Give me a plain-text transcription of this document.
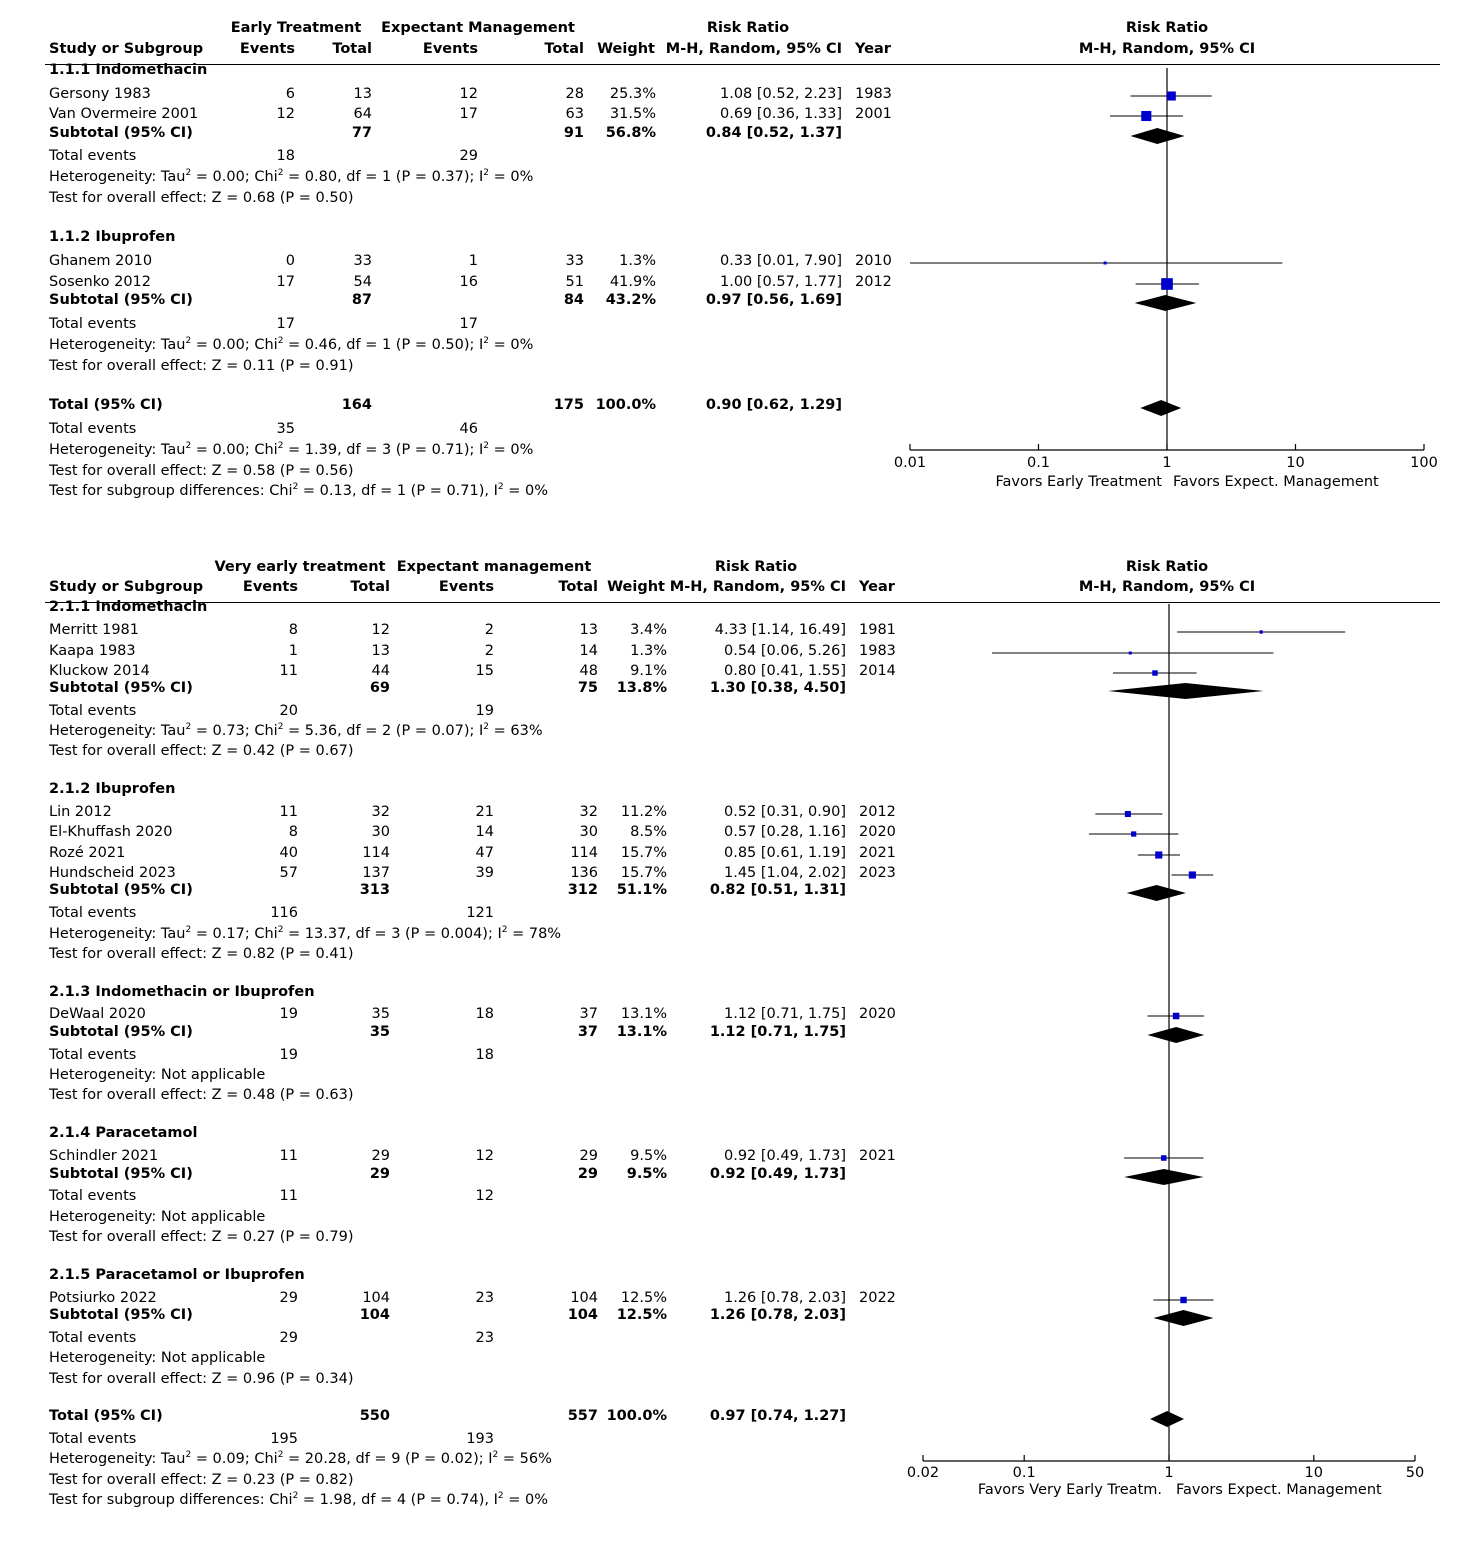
Early Treatment Expectant Management	Risk Ratio
Study or Subgroup	Events	Total	Events	Total Weight M-H, Random, 95% CI Year
Risk Ratio
M-H, Random, 95% CI
1.1.1 Indomethacin
Gersony 1983	6	13	12	28 25.3%	1.08 [0.52, 2.23] 1983
Van Overmeire 2001	12	64	17	63 31.5%	0.69 [0.36, 1.33] 2001
Subtotal (95% CI)	77	91 56.8%	0.84 [0.52, 1.37]
Total events	18	29
Heterogeneity: Tau$^2$ = 0.00; Chi$^2$ = 0.80, df = 1 (P = 0.37); $I^2 = 0\%$
Test for overall effect: Z = 0.68 (P = 0.50)
1.1.2 Ibuprofen
Ghanem 2010	0	33	1	33 1.3%	0.33 [0.01, 7.90] 2010
Sosenko 2012	17	54	16	51 41.9%	1.00 [0.57, 1.77] 2012
Subtotal (95% CI)	87	84 43.2%	0.97 [0.56, 1.69]
Total events	17	17
Heterogeneity: Tau$^2$ = 0.00; Chi$^2$ = 0.46, df = 1 (P = 0.50); $I^2 = 0\%$
Test for overall effect: Z = 0.11 (P = 0.91)
Total (95% CI)	164	175 100.0%	0.90 [0.62, 1.29]
Total events	35	46
Heterogeneity: Tau$^2$ = 0.00; Chi$^2$ = 1.39, df = 3 (P = 0.71); $I^2 = 0\%$
Test for overall effect: Z = 0.58 (P = 0.56)
Test for subgroup differences: Chi$^2$ = 0.13, df = 1 (P = 0.71), $I^2 = 0\%$
0.01	0.1	1	10	100
Favors Early Treatment Favors Expect. Management
Very early treatment Expectant management	Risk Ratio
Study or Subgroup	Events	Total	Events	Total Weight M-H, Random, 95% CI Year
Risk Ratio
M-H, Random, 95% CI
2.1.1 Indomethacin
Merritt 1981	8	12	2	13 3.4%	4.33 [1.14, 16.49] 1981
Kaapa 1983	1	13	2	14 1.3%	0.54 [0.06, 5.26] 1983
Kluckow 2014	11	44	15	48 9.1%	0.80 [0.41, 1.55] 2014
Subtotal (95% CI)	69	75 13.8%	1.30 [0.38, 4.50]
Total events	20	19
Heterogeneity: Tau$^2$ = 0.73; Chi$^2$ = 5.36, df = 2 (P = 0.07); $I^2 = 63\%$
Test for overall effect: Z = 0.42 (P = 0.67)
2.1.2 Ibuprofen
Lin 2012	11	32	21	32 11.2%	0.52 [0.31, 0.90] 2012
El-Khuffash 2020	8	30	14	30 8.5%	0.57 [0.28, 1.16] 2020
Rozé 2021	40	114	47	114 15.7%	0.85 [0.61, 1.19] 2021
Hundscheid 2023	57	137	39	136 15.7%	1.45 [1.04, 2.02] 2023
Subtotal (95% CI)	313	312 51.1%	0.82 [0.51, 1.31]
Total events	116	121
Heterogeneity: Tau$^2$ = 0.17; Chi$^2$ = 13.37, df = 3 (P = 0.004); $I^2 = 78\%$
Test for overall effect: Z = 0.82 (P = 0.41)
2.1.3 Indomethacin or Ibuprofen
DeWaal 2020	19	35	18	37 13.1%	1.12 [0.71, 1.75] 2020
Subtotal (95% CI)	35	37 13.1%	1.12 [0.71, 1.75]
Total events	19	18
Heterogeneity: Not applicable
Test for overall effect: Z = 0.48 (P = 0.63)
2.1.4 Paracetamol
Schindler 2021	11	29	12	29 9.5%	0.92 [0.49, 1.73] 2021
Subtotal (95% CI)	29	29 9.5%	0.92 [0.49, 1.73]
Total events	11	12
Heterogeneity: Not applicable
Test for overall effect: Z = 0.27 (P = 0.79)
2.1.5 Paracetamol or Ibuprofen
Potsiurko 2022	29	104	23	104 12.5%	1.26 [0.78, 2.03] 2022
Subtotal (95% CI)	104	104 12.5%	1.26 [0.78, 2.03]
Total events	29	23
Heterogeneity: Not applicable
Test for overall effect: Z = 0.96 (P = 0.34)
Total (95% CI)	550	557 100.0%	0.97 [0.74, 1.27]
Total events	195	193
Heterogeneity: Tau$^2$ = 0.09; Chi$^2$ = 20.28, df = 9 (P = 0.02); $I^2 = 56\%$
Test for overall effect: Z = 0.23 (P = 0.82)
Test for subgroup differences: Chi$^2$ = 1.98, df = 4 (P = 0.74), $I^2 = 0\%$
0.02	0.1	1	10	50
Favors Very Early Treatm. Favors Expect. Management
